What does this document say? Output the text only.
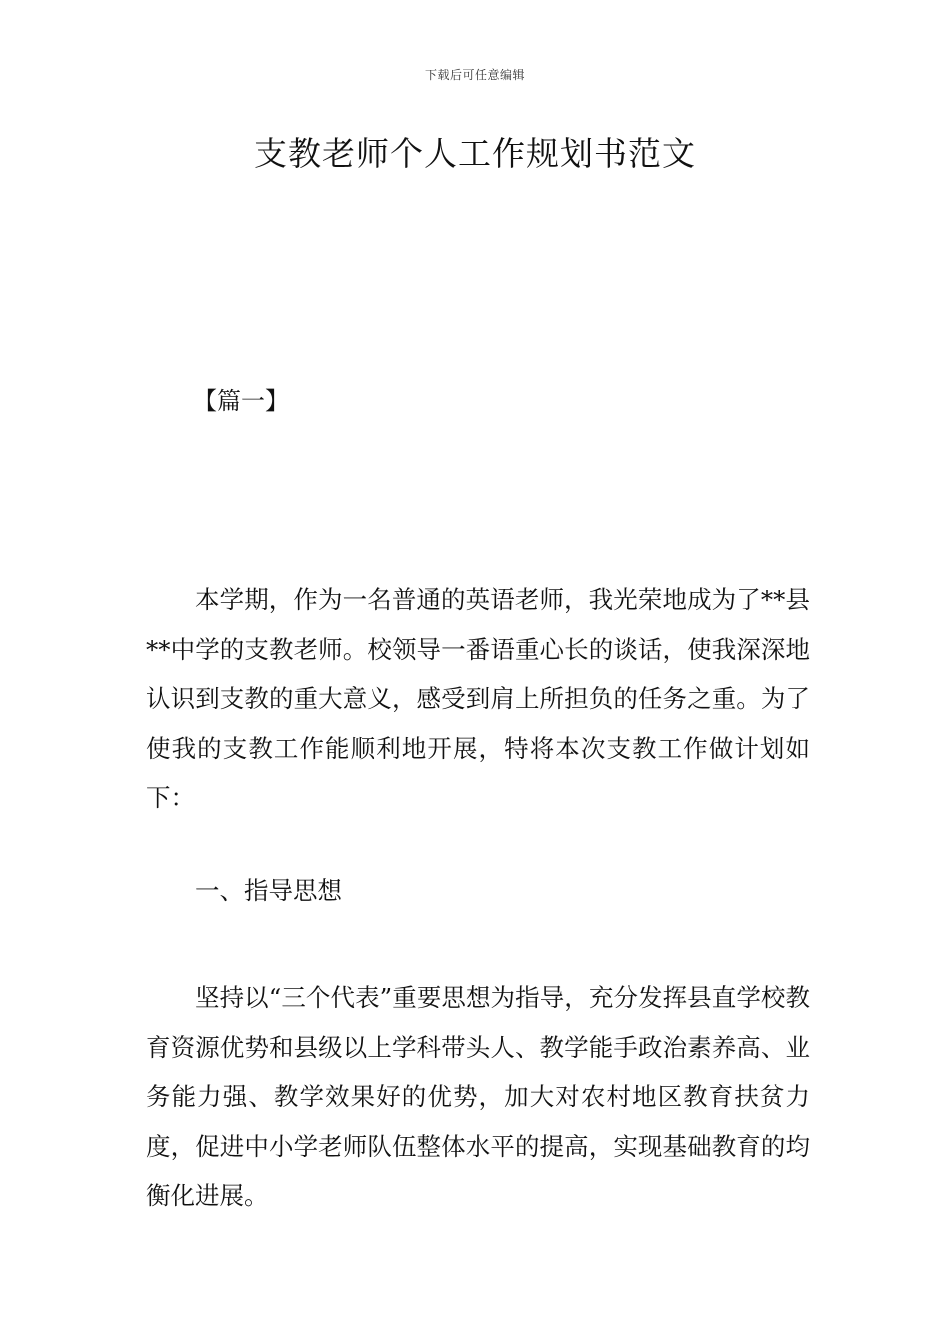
下载后可任意编辑
支教老师个人工作规划书范文
【篇一】

本学期，作为一名普通的英语老师，我光荣地成为了**县**中学的支教老师。校领导一番语重心长的谈话，使我深深地认识到支教的重大意义，感受到肩上所担负的任务之重。为了使我的支教工作能顺利地开展，特将本次支教工作做计划如下：

一、指导思想

坚持以“三个代表”重要思想为指导，充分发挥县直学校教育资源优势和县级以上学科带头人、教学能手政治素养高、业务能力强、教学效果好的优势，加大对农村地区教育扶贫力度，促进中小学老师队伍整体水平的提高，实现基础教育的均衡化进展。
